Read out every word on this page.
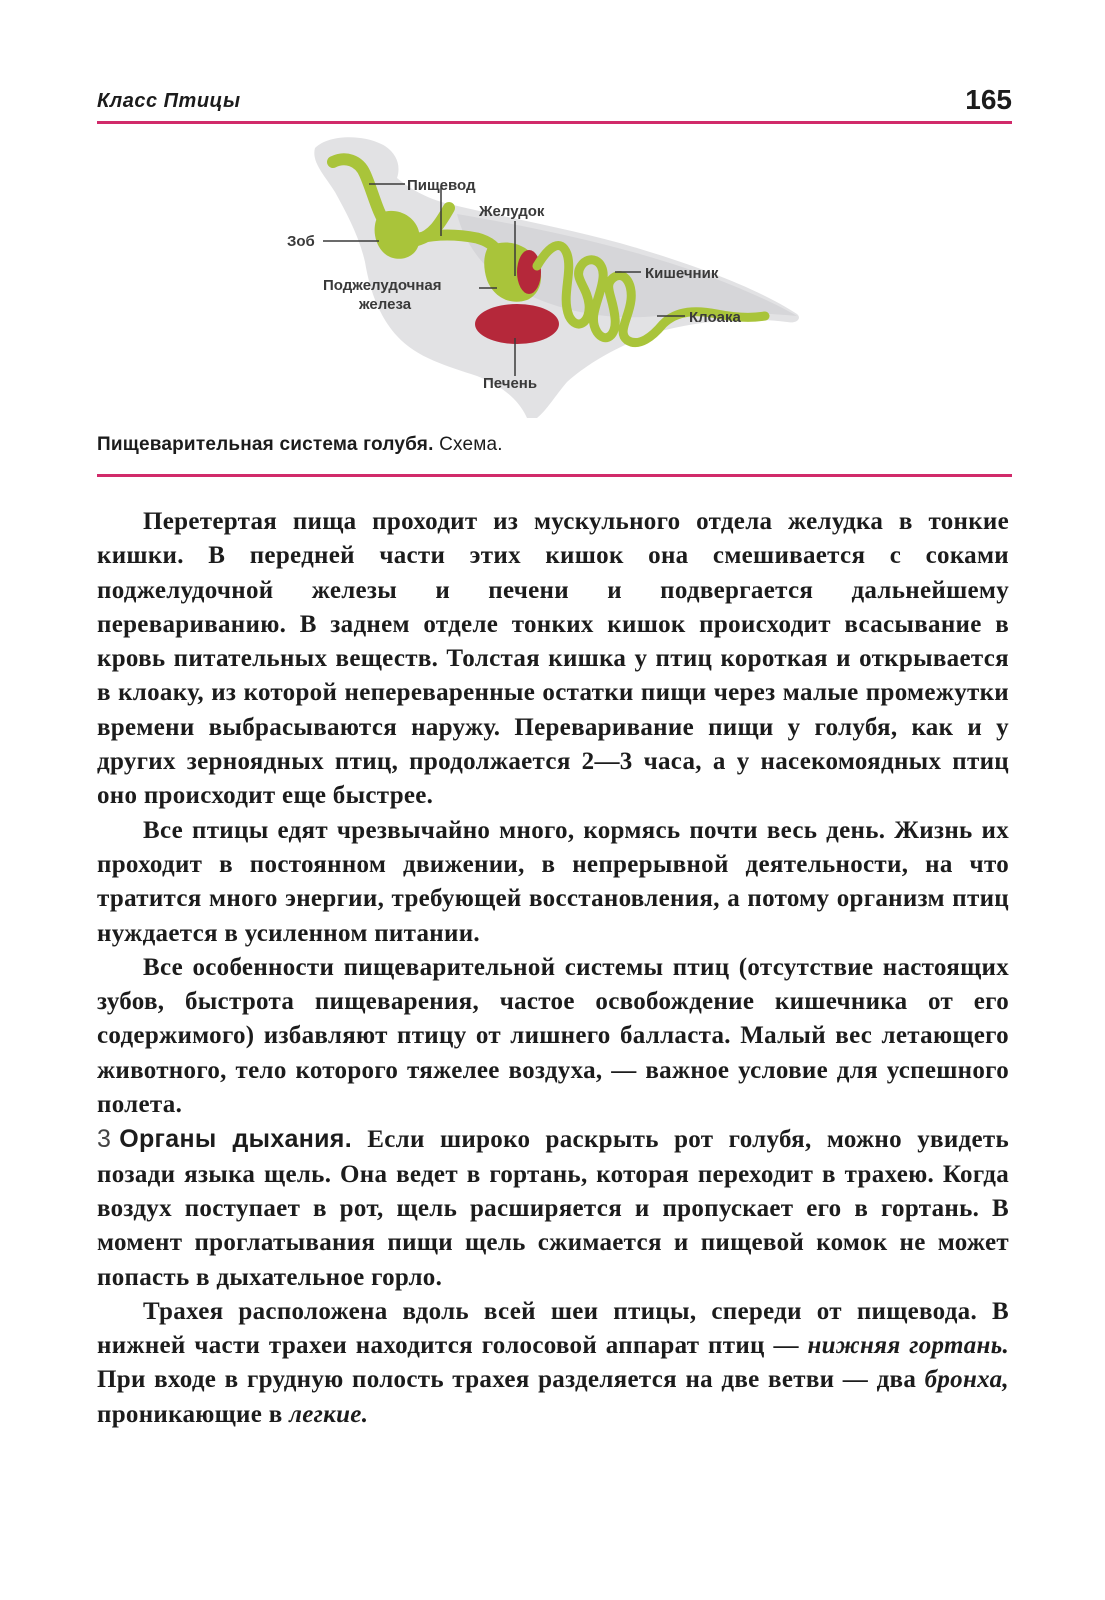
Класс Птицы	165
Пищевод
Желудок
Зоб
Кишечник
Поджелудочная
железа
Клоака
Печень
Пищеварительная система голубя. Схема.

Перетертая пища проходит из мускульного отдела желудка в тонкие кишки. В передней части этих кишок она смешивается с соками поджелудочной железы и печени и подвергается дальнейшему перевариванию. В заднем отделе тонких кишок происходит всасывание в кровь питательных веществ. Толстая кишка у птиц короткая и открывается в клоаку, из которой непереваренные остатки пищи через малые промежутки времени выбрасываются наружу. Переваривание пищи у голубя, как и у других зерноядных птиц, продолжается 2—3 часа, а у насекомоядных птиц оно происходит еще быстрее.

Все птицы едят чрезвычайно много, кормясь почти весь день. Жизнь их проходит в постоянном движении, в непрерывной деятельности, на что тратится много энергии, требующей восстановления, а потому организм птиц нуждается в усиленном питании.

Все особенности пищеварительной системы птиц (отсутствие настоящих зубов, быстрота пищеварения, частое освобождение кишечника от его содержимого) избавляют птицу от лишнего балласта. Малый вес летающего животного, тело которого тяжелее воздуха, — важное условие для успешного полета.

3 Органы дыхания. Если широко раскрыть рот голубя, можно увидеть позади языка щель. Она ведет в гортань, которая переходит в трахею. Когда воздух поступает в рот, щель расширяется и пропускает его в гортань. В момент проглатывания пищи щель сжимается и пищевой комок не может попасть в дыхательное горло.

Трахея расположена вдоль всей шеи птицы, спереди от пищевода. В нижней части трахеи находится голосовой аппарат птиц — нижняя гортань. При входе в грудную полость трахея разделяется на две ветви — два бронха, проникающие в легкие.
